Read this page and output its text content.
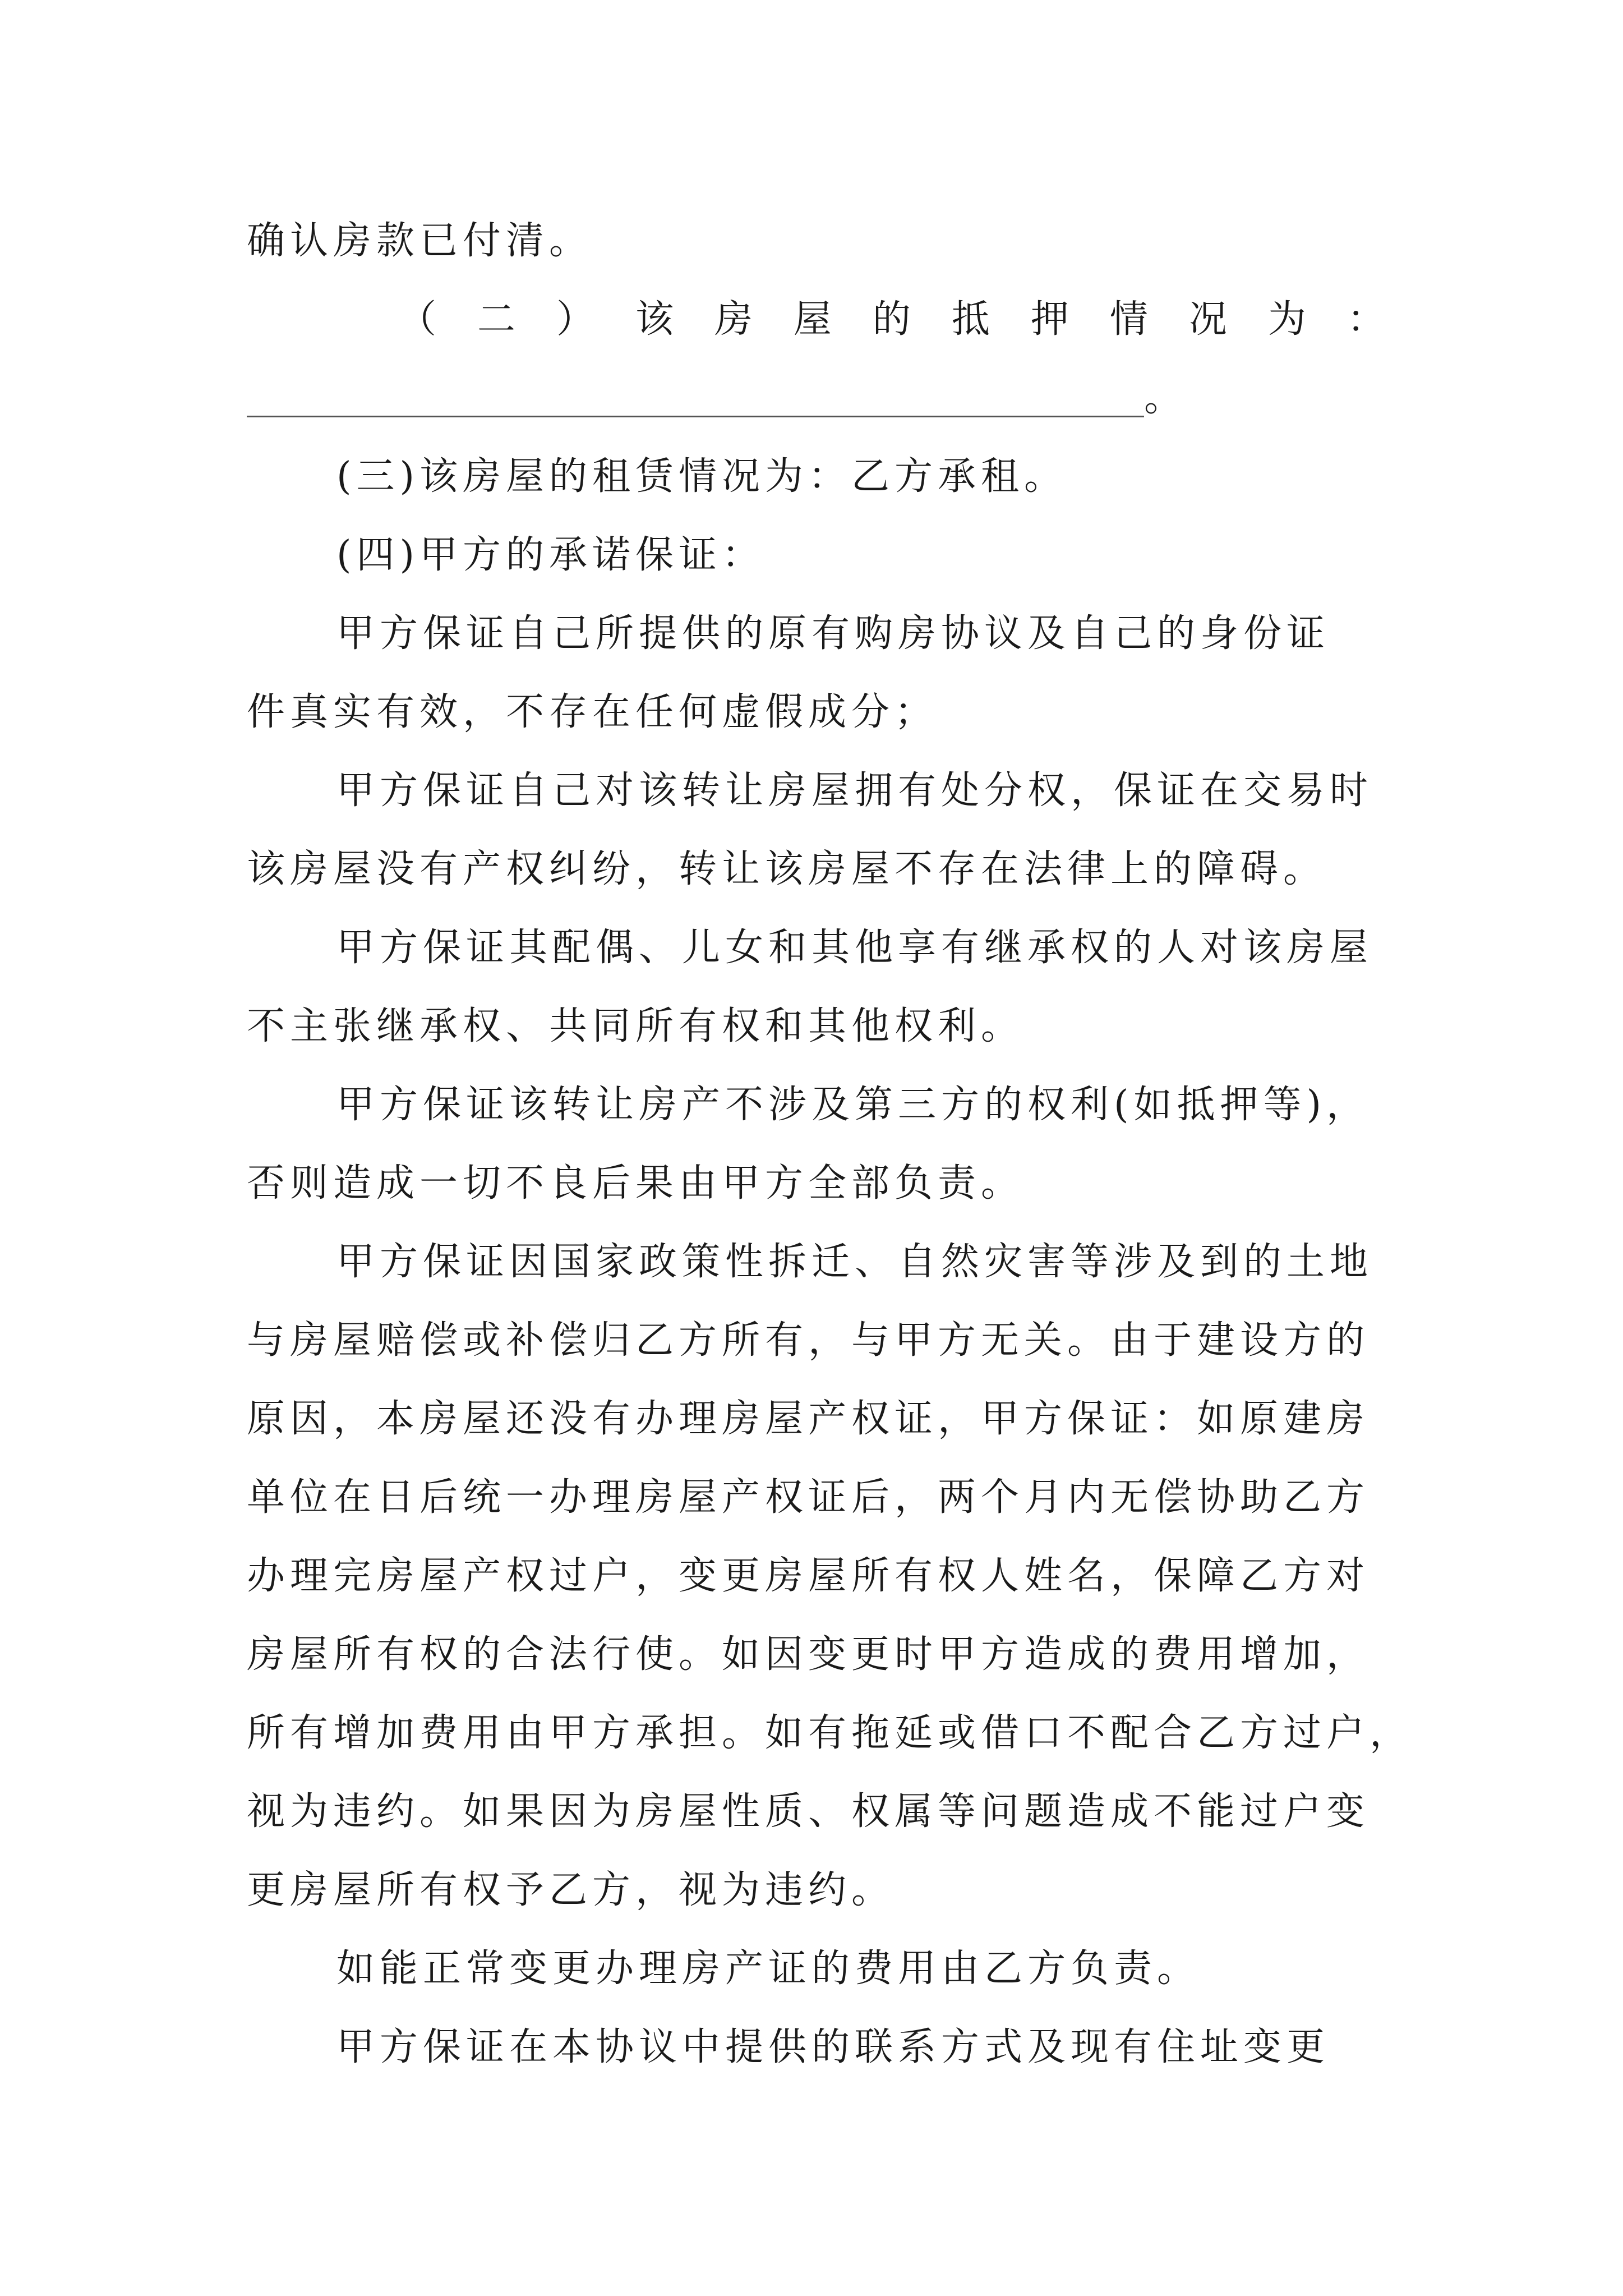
确认房款已付清。
（ 二 ） 该 房 屋 的 抵 押 情 况 为 ：
。
(三)该房屋的租赁情况为：乙方承租。
(四)甲方的承诺保证：
甲方保证自己所提供的原有购房协议及自己的身份证
件真实有效，不存在任何虚假成分；
甲方保证自己对该转让房屋拥有处分权，保证在交易时
该房屋没有产权纠纷，转让该房屋不存在法律上的障碍。
甲方保证其配偶、儿女和其他享有继承权的人对该房屋
不主张继承权、共同所有权和其他权利。
甲方保证该转让房产不涉及第三方的权利(如抵押等)，
否则造成一切不良后果由甲方全部负责。
甲方保证因国家政策性拆迁、自然灾害等涉及到的土地
与房屋赔偿或补偿归乙方所有，与甲方无关。由于建设方的
原因，本房屋还没有办理房屋产权证，甲方保证：如原建房
单位在日后统一办理房屋产权证后，两个月内无偿协助乙方
办理完房屋产权过户，变更房屋所有权人姓名，保障乙方对
房屋所有权的合法行使。如因变更时甲方造成的费用增加，
所有增加费用由甲方承担。如有拖延或借口不配合乙方过户，
视为违约。如果因为房屋性质、权属等问题造成不能过户变
更房屋所有权予乙方，视为违约。
如能正常变更办理房产证的费用由乙方负责。
甲方保证在本协议中提供的联系方式及现有住址变更
